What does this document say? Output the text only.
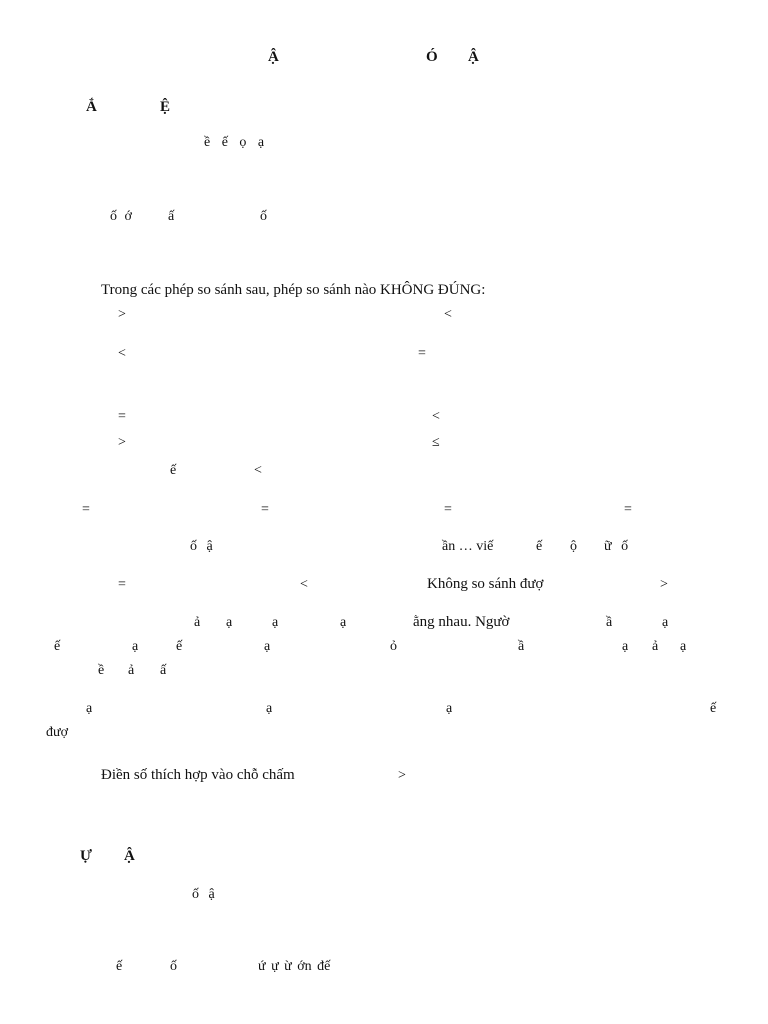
Ậ	Ó Ậ
Ắ	Ệ
ề ế ọ ạ
ố ớ	ấ	ố
Trong các phép so sánh sau, phép so sánh nào KHÔNG ĐÚNG:
>	<
<	=
=	<
>	≤
ế	<
=	=	=	=
ố ậ	ần … viế	ế ộ ữ ố
=	<	Không so sánh đượ	>
ả ạ	ạ	ạ	ằng nhau. Ngườ	ầ	ạ
ế	ạ	ế	ạ	ỏ	ầ	ạ ả ạ
ề ả ấ
ạ	ạ	ạ	ế
đượ
Điền số thích hợp vào chỗ chấm	>
Ự Ậ
ố ậ
ế	ố	ứ ự ừ ớn đế
